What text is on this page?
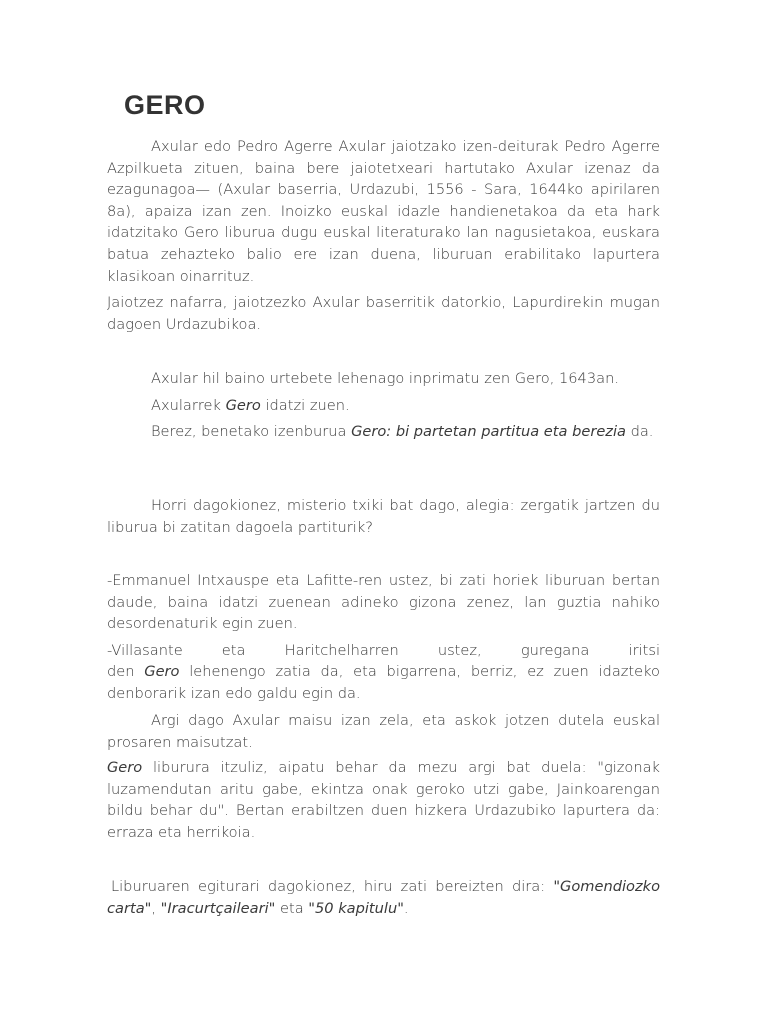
GERO

Axular edo Pedro Agerre Axular jaiotzako izen-deiturak Pedro Agerre Azpilkueta zituen, baina bere jaiotetxeari hartutako Axular izenaz da ezagunagoa— (Axular baserria, Urdazubi, 1556 - Sara, 1644ko apirilaren 8a), apaiza izan zen. Inoizko euskal idazle handienetakoa da eta hark idatzitako Gero liburua dugu euskal literaturako lan nagusietakoa, euskara batua zehazteko balio ere izan duena, liburuan erabilitako lapurtera klasikoan oinarrituz.

Jaiotzez nafarra, jaiotzezko Axular baserritik datorkio, Lapurdirekin mugan dagoen Urdazubikoa.

Axular hil baino urtebete lehenago inprimatu zen Gero, 1643an.

Axularrek Gero idatzi zuen.

Berez, benetako izenburua Gero: bi partetan partitua eta berezia da.

Horri dagokionez, misterio txiki bat dago, alegia: zergatik jartzen du liburua bi zatitan dagoela partiturik?

-Emmanuel Intxauspe eta Lafitte-ren ustez, bi zati horiek liburuan bertan daude, baina idatzi zuenean adineko gizona zenez, lan guztia nahiko desordenaturik egin zuen.

-Villasante eta Haritchelharren ustez, guregana iritsi

den Gero lehenengo zatia da, eta bigarrena, berriz, ez zuen idazteko denborarik izan edo galdu egin da.

Argi dago Axular maisu izan zela, eta askok jotzen dutela euskal prosaren maisutzat.

Gero liburura itzuliz, aipatu behar da mezu argi bat duela: "gizonak luzamendutan aritu gabe, ekintza onak geroko utzi gabe, Jainkoarengan bildu behar du". Bertan erabiltzen duen hizkera Urdazubiko lapurtera da: erraza eta herrikoia.

Liburuaren egiturari dagokionez, hiru zati bereizten dira: "Gomendiozko carta", "Iracurtçaileari" eta "50 kapitulu".
